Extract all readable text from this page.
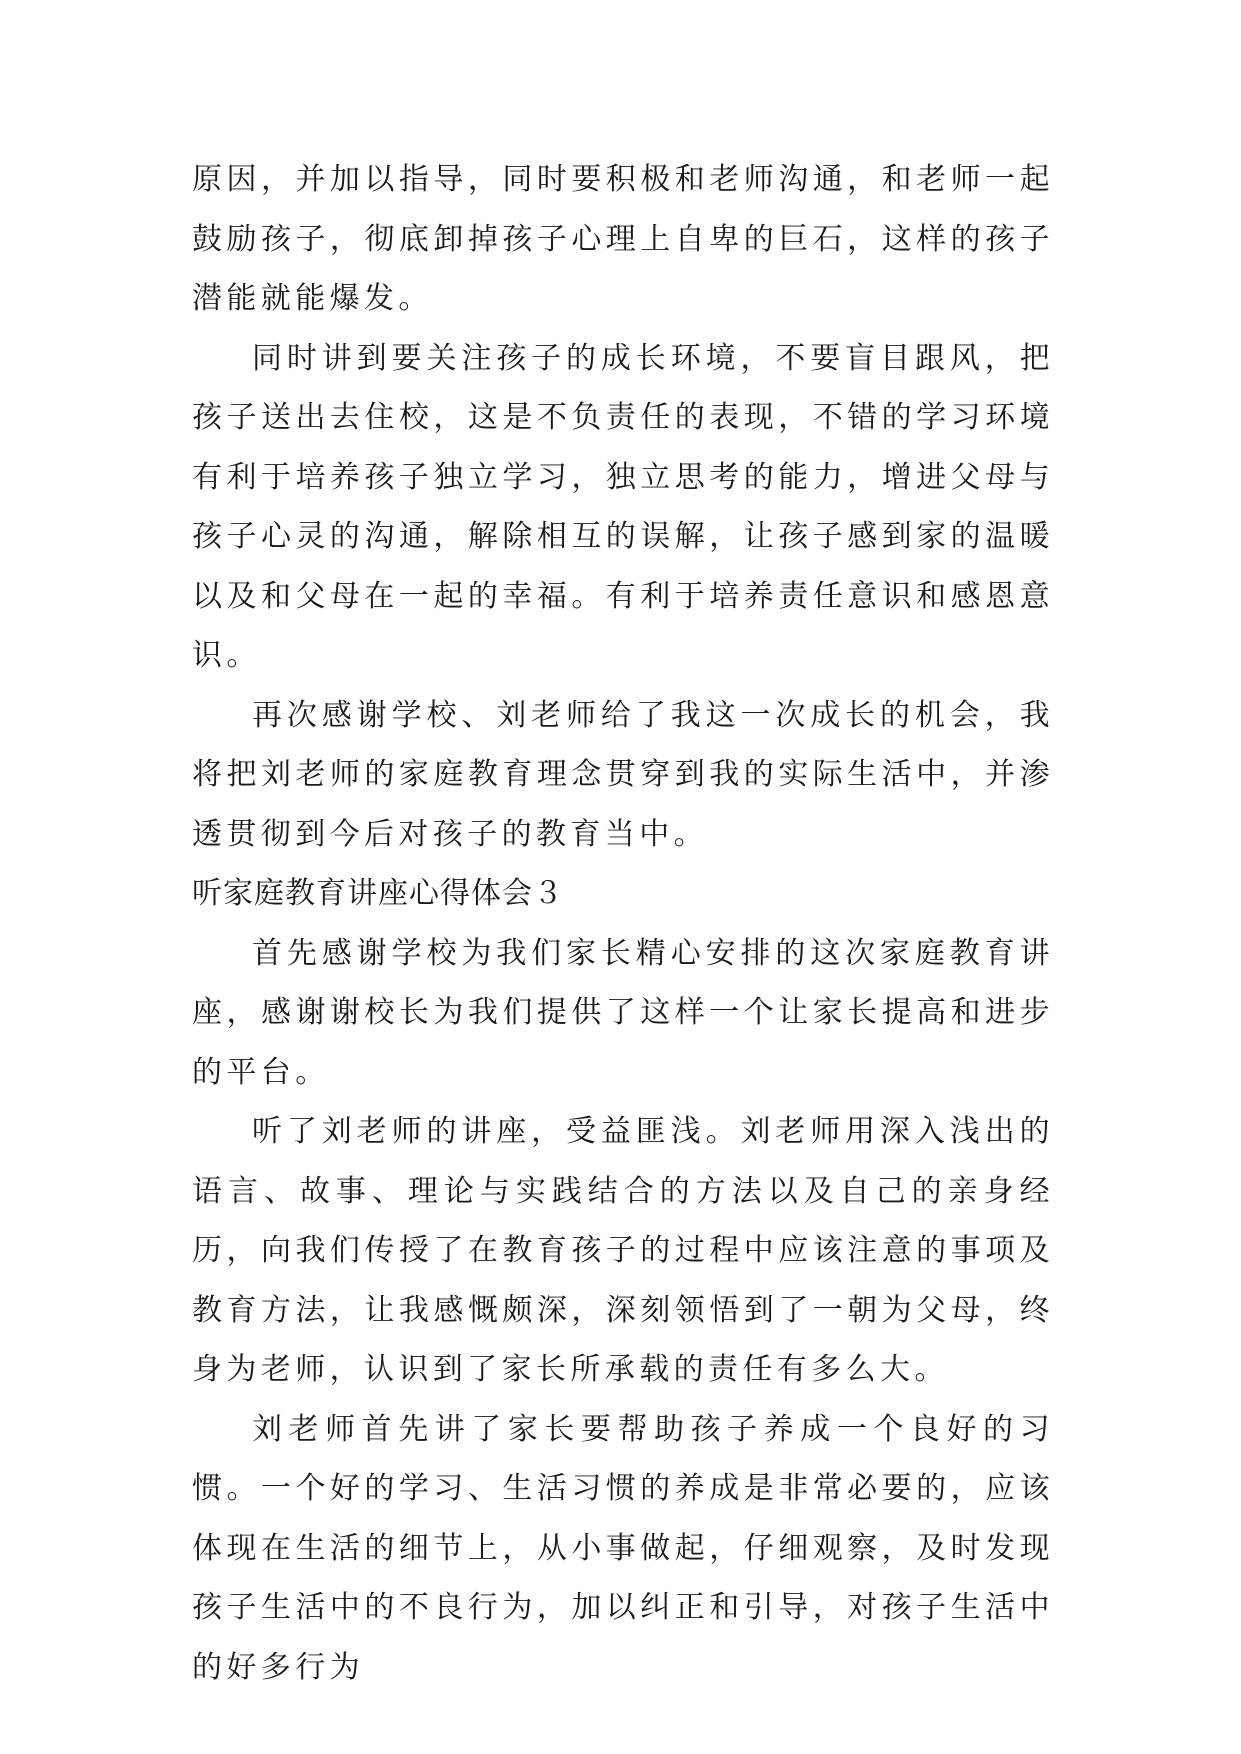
原因，并加以指导，同时要积极和老师沟通，和老师一起鼓励孩子，彻底卸掉孩子心理上自卑的巨石，这样的孩子潜能就能爆发。

同时讲到要关注孩子的成长环境，不要盲目跟风，把孩子送出去住校，这是不负责任的表现，不错的学习环境有利于培养孩子独立学习，独立思考的能力，增进父母与孩子心灵的沟通，解除相互的误解，让孩子感到家的温暖以及和父母在一起的幸福。有利于培养责任意识和感恩意识。

再次感谢学校、刘老师给了我这一次成长的机会，我将把刘老师的家庭教育理念贯穿到我的实际生活中，并渗透贯彻到今后对孩子的教育当中。

听家庭教育讲座心得体会３

首先感谢学校为我们家长精心安排的这次家庭教育讲座，感谢谢校长为我们提供了这样一个让家长提高和进步的平台。

听了刘老师的讲座，受益匪浅。刘老师用深入浅出的语言、故事、理论与实践结合的方法以及自己的亲身经历，向我们传授了在教育孩子的过程中应该注意的事项及教育方法，让我感慨颇深，深刻领悟到了一朝为父母，终身为老师，认识到了家长所承载的责任有多么大。

刘老师首先讲了家长要帮助孩子养成一个良好的习惯。一个好的学习、生活习惯的养成是非常必要的，应该体现在生活的细节上，从小事做起，仔细观察，及时发现孩子生活中的不良行为，加以纠正和引导，对孩子生活中的好多行为
